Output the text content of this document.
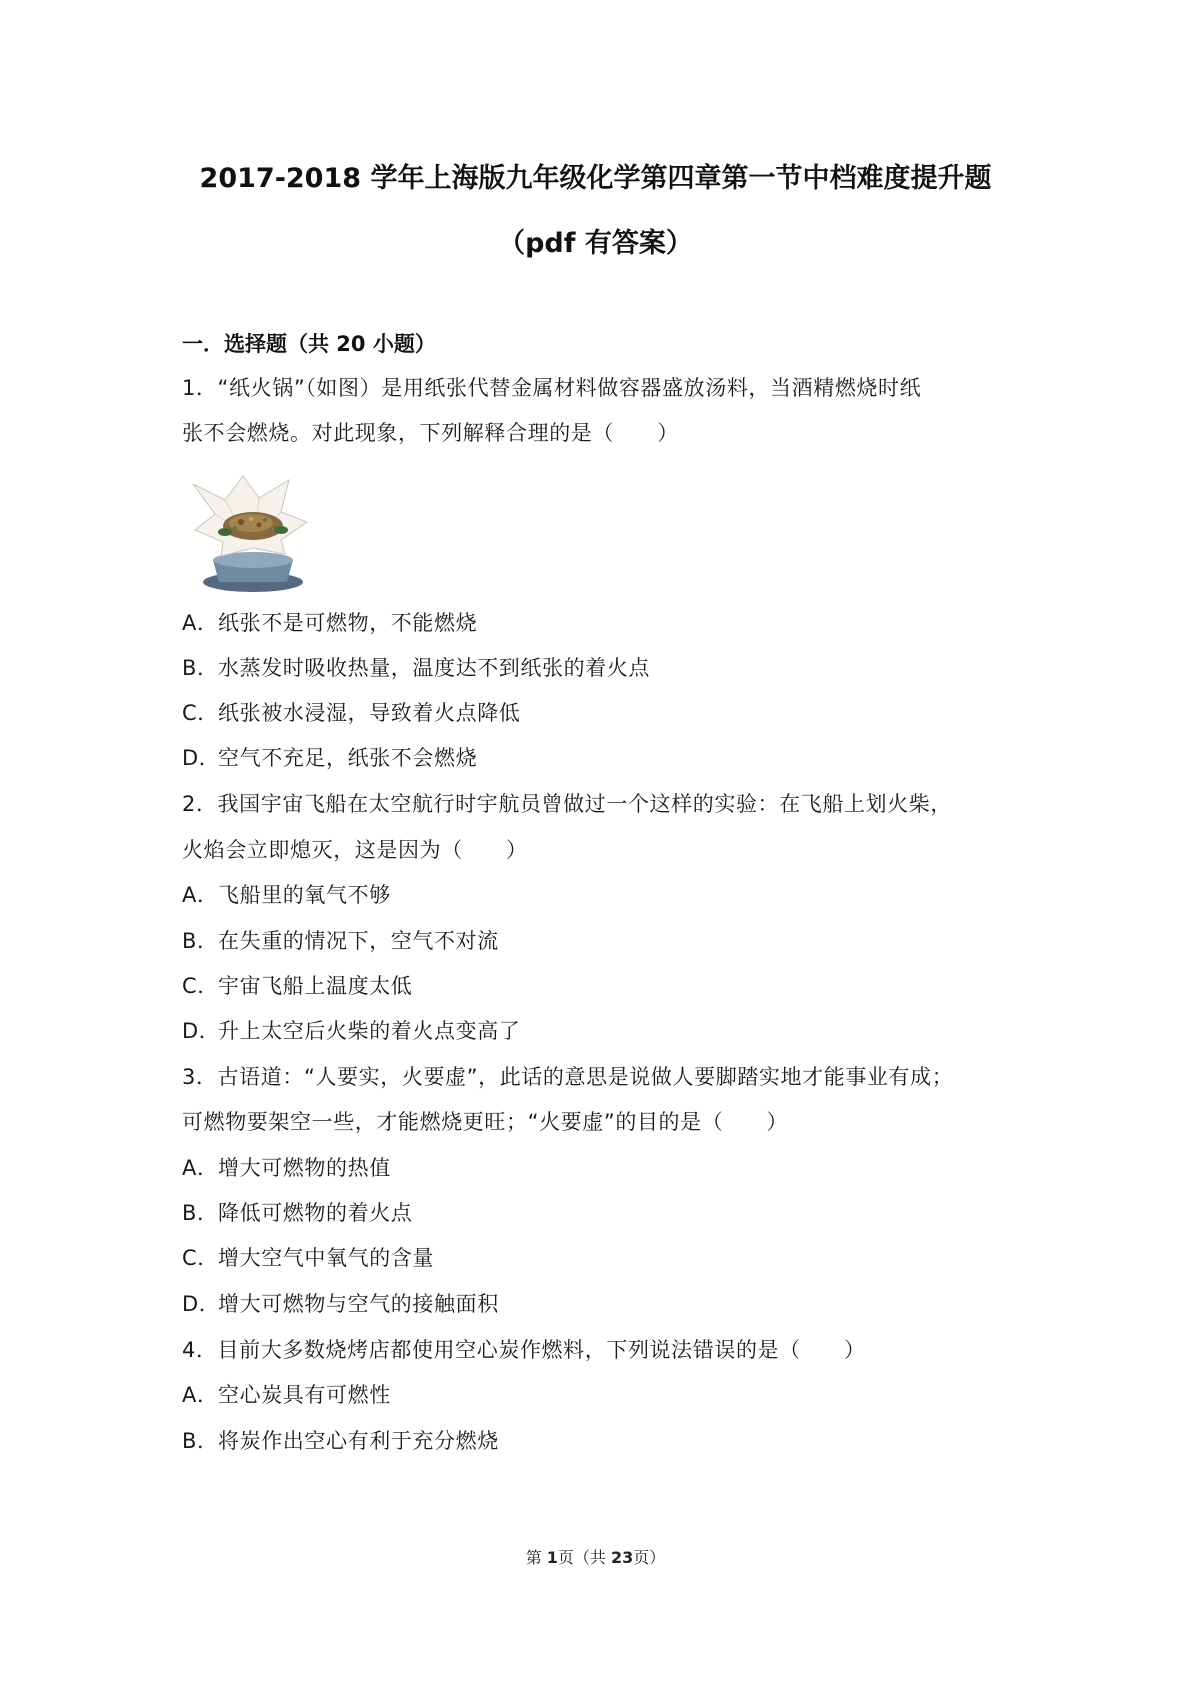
2017-2018 学年上海版九年级化学第四章第一节中档难度提升题
（pdf 有答案）
一．选择题（共 20 小题）
1．“纸火锅”（如图）是用纸张代替金属材料做容器盛放汤料，当酒精燃烧时纸
张不会燃烧。对此现象，下列解释合理的是（　　）
A．纸张不是可燃物，不能燃烧
B．水蒸发时吸收热量，温度达不到纸张的着火点
C．纸张被水浸湿，导致着火点降低
D．空气不充足，纸张不会燃烧
2．我国宇宙飞船在太空航行时宇航员曾做过一个这样的实验：在飞船上划火柴，
火焰会立即熄灭，这是因为（　　）
A．飞船里的氧气不够
B．在失重的情况下，空气不对流
C．宇宙飞船上温度太低
D．升上太空后火柴的着火点变高了
3．古语道：“人要实，火要虚”，此话的意思是说做人要脚踏实地才能事业有成；
可燃物要架空一些，才能燃烧更旺；“火要虚”的目的是（　　）
A．增大可燃物的热值
B．降低可燃物的着火点
C．增大空气中氧气的含量
D．增大可燃物与空气的接触面积
4．目前大多数烧烤店都使用空心炭作燃料，下列说法错误的是（　　）
A．空心炭具有可燃性
B．将炭作出空心有利于充分燃烧
第 1页（共 23页）
